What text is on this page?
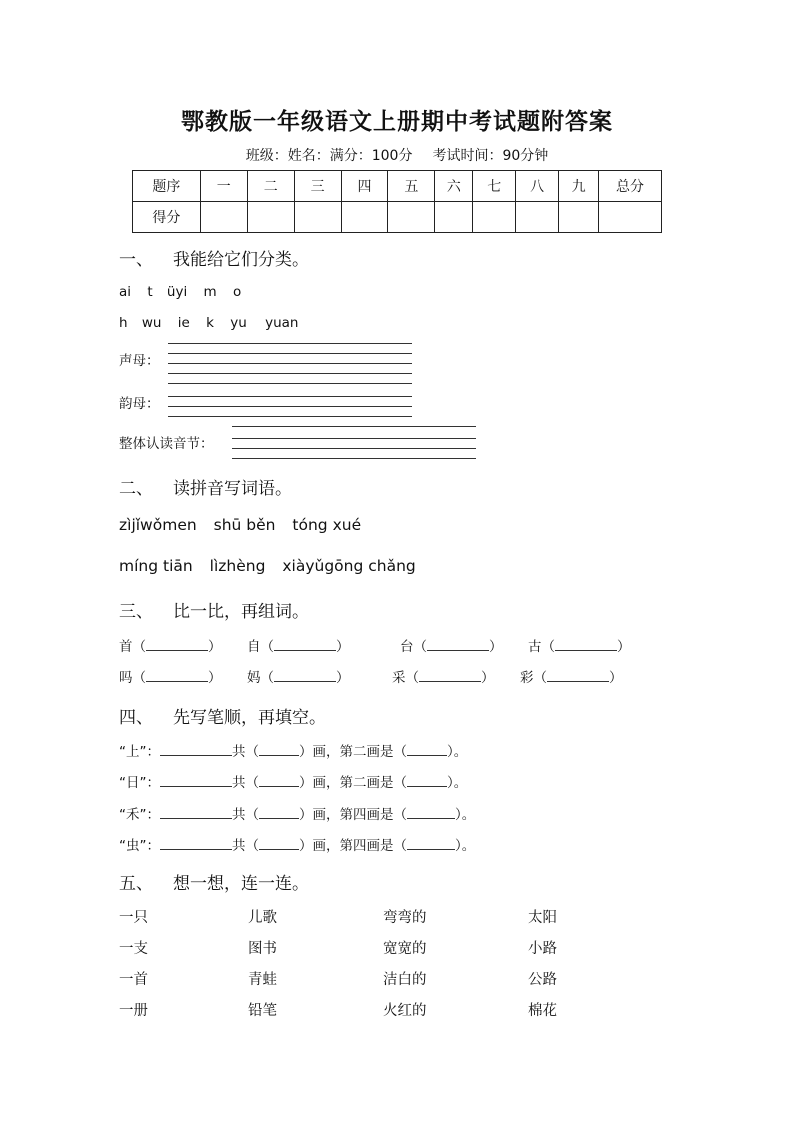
鄂教版一年级语文上册期中考试题附答案
班级：姓名：满分：100分 考试时间：90分钟
题序	一	二	三	四	五	六	七	八	九	总分
得分										
一、 我能给它们分类。
ai t üyi m o
h wu ie k yu yuan
声母：
韵母：
整体认读音节：
二、 读拼音写词语。
zìjǐwǒmen shū běn tóng xué
míng tiān lìzhèng xiàyǔgōng chǎng
三、 比一比，再组词。
首（	） 自（	）	台（	） 古（	）
吗（	） 妈（	）	采（	） 彩（	）
四、 先写笔顺，再填空。
“上”：	共（	）画，第二画是（	）。
“日”：	共（	）画，第二画是（	）。
“禾”：	共（	）画，第四画是（	）。
“虫”：	共（	）画，第四画是（	）。
五、 想一想，连一连。
一只	儿歌	弯弯的	太阳
一支	图书	宽宽的	小路
一首	青蛙	洁白的	公路
一册	铅笔	火红的	棉花
